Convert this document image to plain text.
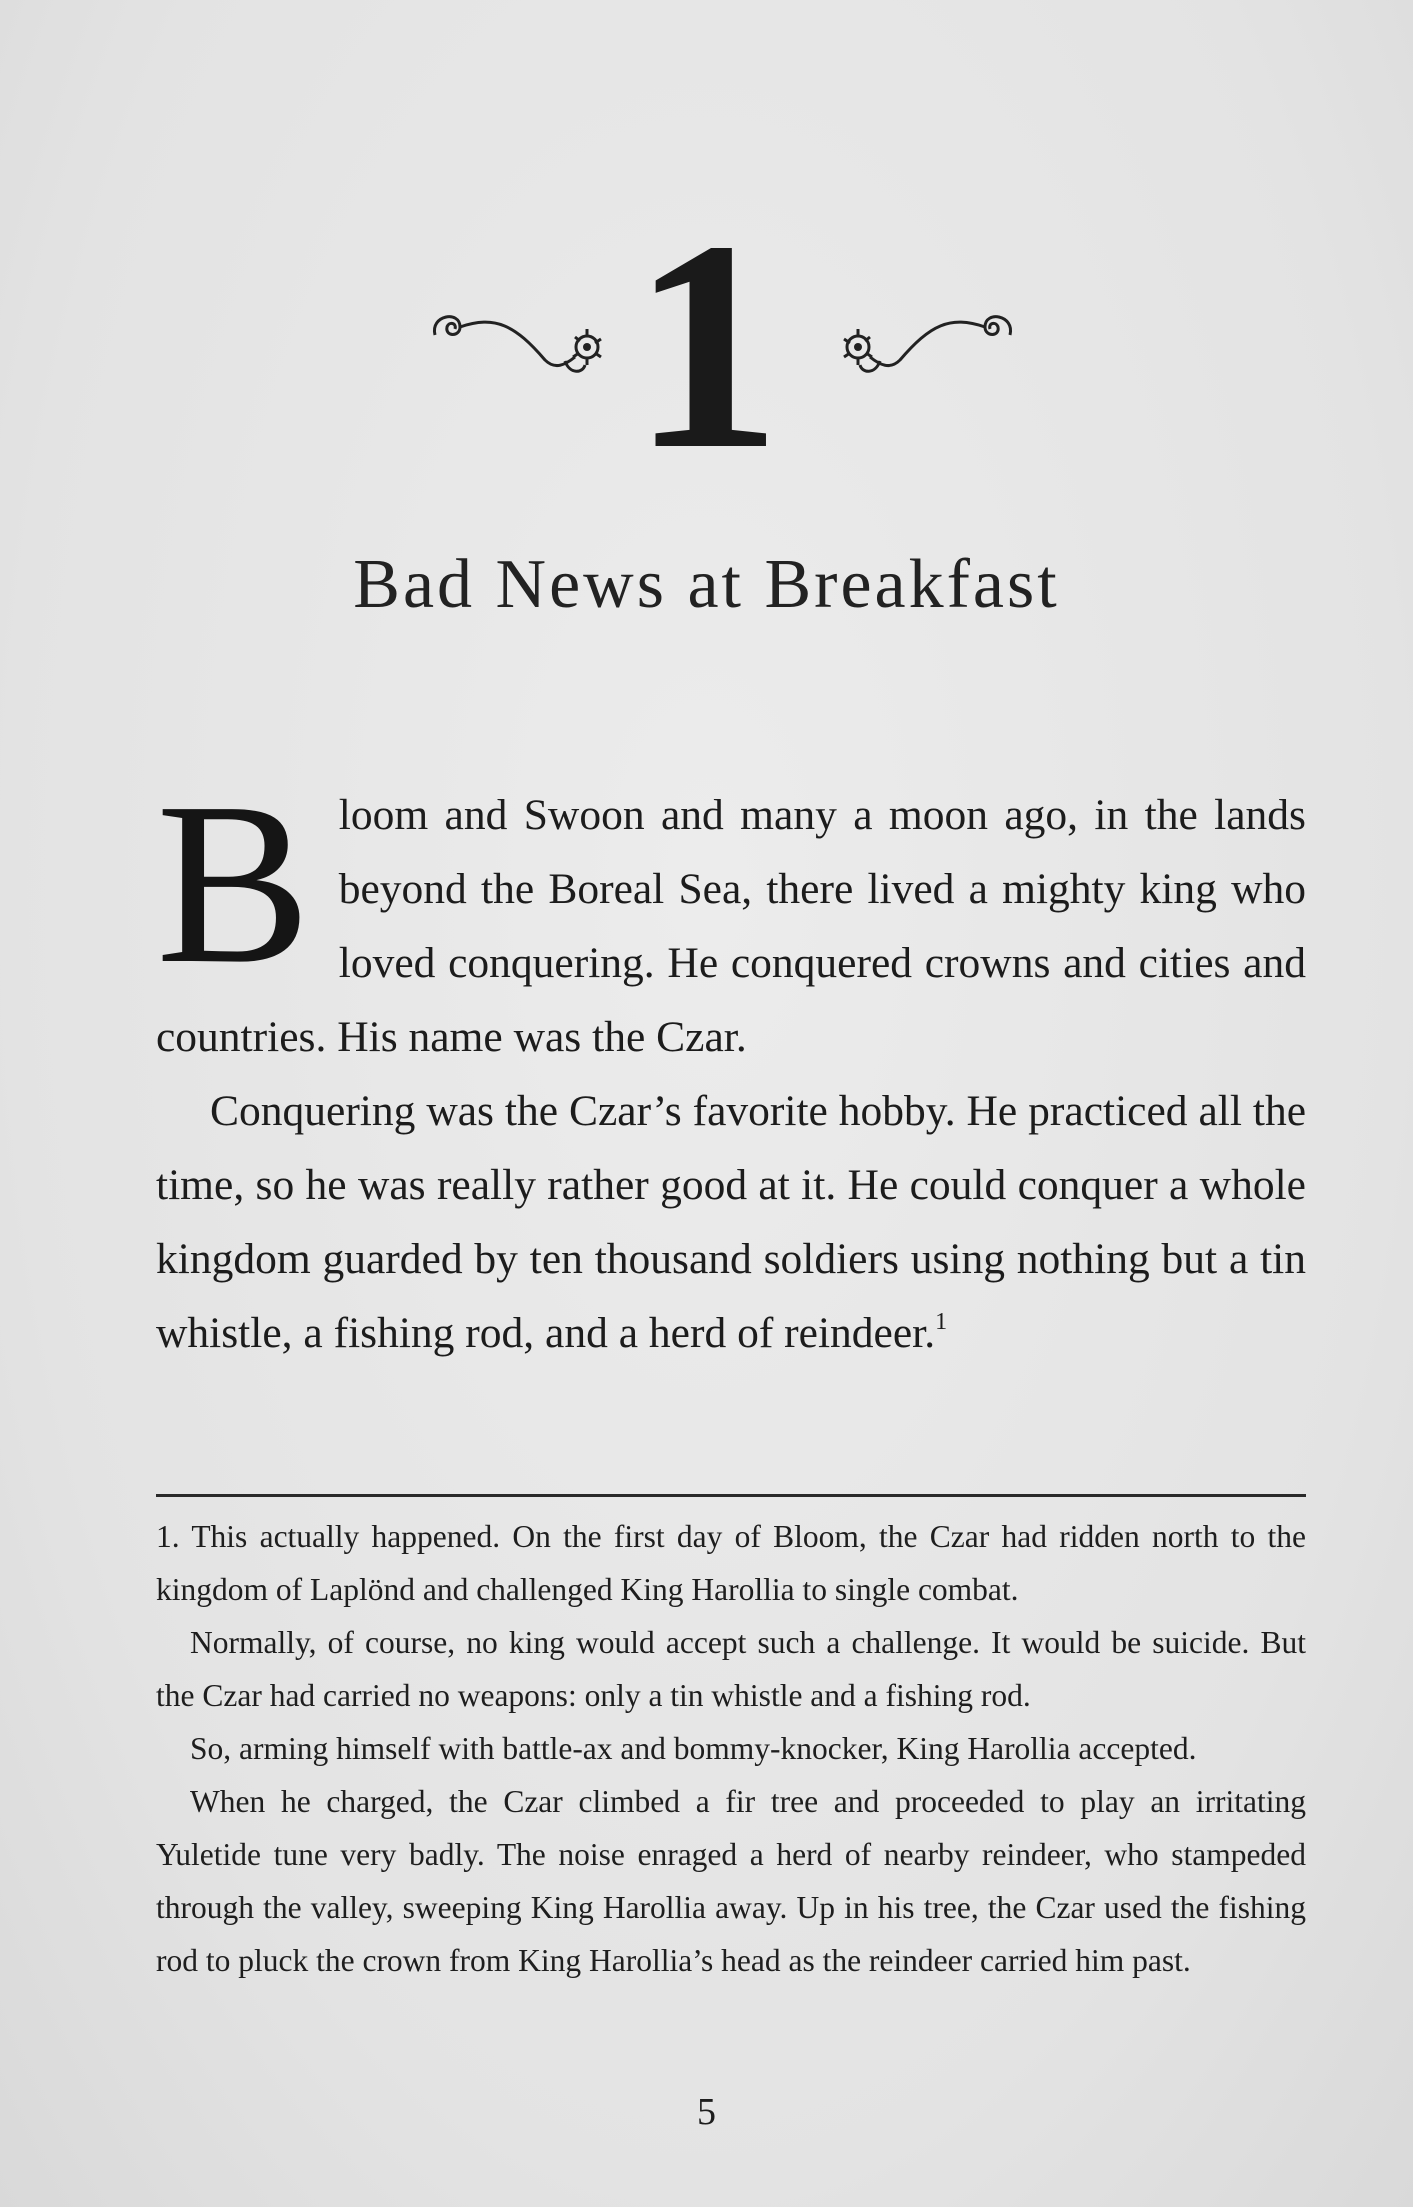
1
Bad News at Breakfast

Bloom and Swoon and many a moon ago, in the lands beyond the Boreal Sea, there lived a mighty king who loved conquering. He conquered crowns and cities and countries. His name was the Czar.

Conquering was the Czar’s favorite hobby. He practiced all the time, so he was really rather good at it. He could conquer a whole kingdom guarded by ten thousand soldiers using nothing but a tin whistle, a fishing rod, and a herd of reindeer.$^1$

1. This actually happened. On the first day of Bloom, the Czar had ridden north to the kingdom of Laplönd and challenged King Harollia to single combat.

Normally, of course, no king would accept such a challenge. It would be suicide. But the Czar had carried no weapons: only a tin whistle and a fishing rod.

So, arming himself with battle-ax and bommy-knocker, King Harollia accepted.

When he charged, the Czar climbed a fir tree and proceeded to play an irritating Yuletide tune very badly. The noise enraged a herd of nearby reindeer, who stampeded through the valley, sweeping King Harollia away. Up in his tree, the Czar used the fishing rod to pluck the crown from King Harollia’s head as the reindeer carried him past.

5
